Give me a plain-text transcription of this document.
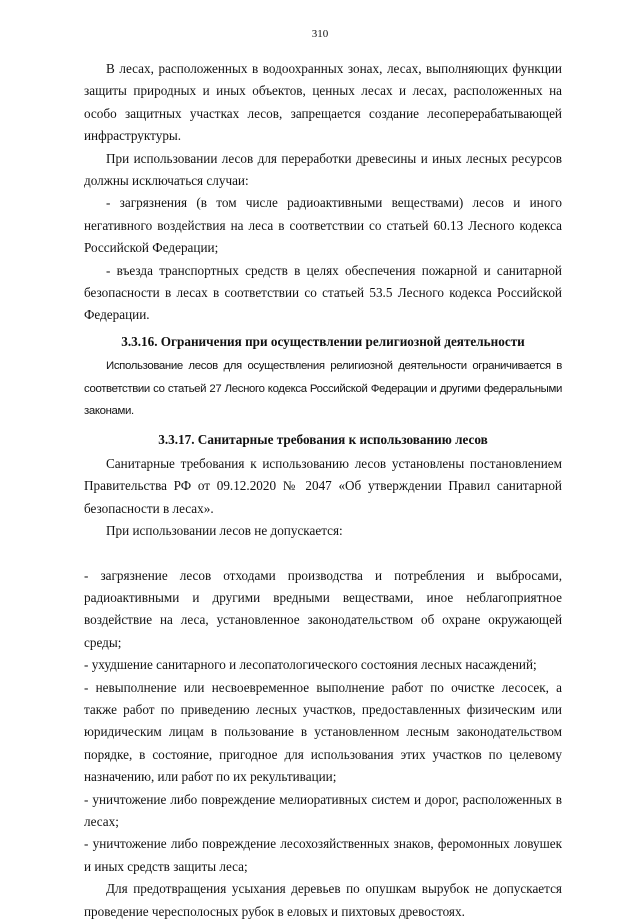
310

В лесах, расположенных в водоохранных зонах, лесах, выполняющих функции защиты природных и иных объектов, ценных лесах и лесах, расположенных на особо защитных участках лесов, запрещается создание лесоперерабатывающей инфраструктуры.

При использовании лесов для переработки древесины и иных лесных ресурсов должны исключаться случаи:

- загрязнения (в том числе радиоактивными веществами) лесов и иного негативного воздействия на леса в соответствии со статьей 60.13 Лесного кодекса Российской Федерации;

- въезда транспортных средств в целях обеспечения пожарной и санитарной безопасности в лесах в соответствии со статьей 53.5 Лесного кодекса Российской Федерации.

3.3.16. Ограничения при осуществлении религиозной деятельности

Использование лесов для осуществления религиозной деятельности ограничивается в соответствии со статьей 27 Лесного кодекса Российской Федерации и другими федеральными законами.

3.3.17. Санитарные требования к использованию лесов

Санитарные требования к использованию лесов установлены постановлением Правительства РФ от 09.12.2020 № 2047 «Об утверждении Правил санитарной безопасности в лесах».

При использовании лесов не допускается:

- загрязнение лесов отходами производства и потребления и выбросами, радиоактивными и другими вредными веществами, иное неблагоприятное воздействие на леса, установленное законодательством об охране окружающей среды;

- ухудшение санитарного и лесопатологического состояния лесных насаждений;

- невыполнение или несвоевременное выполнение работ по очистке лесосек, а также работ по приведению лесных участков, предоставленных физическим или юридическим лицам в пользование в установленном лесным законодательством порядке, в состояние, пригодное для использования этих участков по целевому назначению, или работ по их рекультивации;

- уничтожение либо повреждение мелиоративных систем и дорог, расположенных в лесах;

- уничтожение либо повреждение лесохозяйственных знаков, феромонных ловушек и иных средств защиты леса;

Для предотвращения усыхания деревьев по опушкам вырубок не допускается проведение чересполосных рубок в еловых и пихтовых древостоях.
